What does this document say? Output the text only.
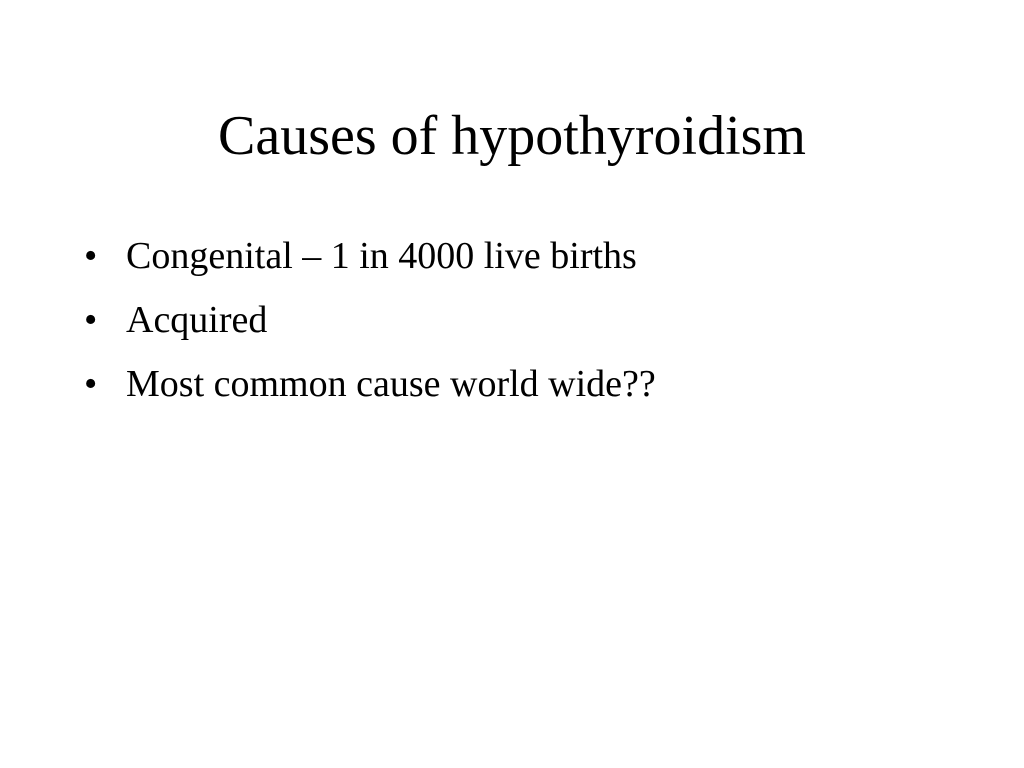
Causes of hypothyroidism
• Congenital – 1 in 4000 live births
• Acquired
• Most common cause world wide??
